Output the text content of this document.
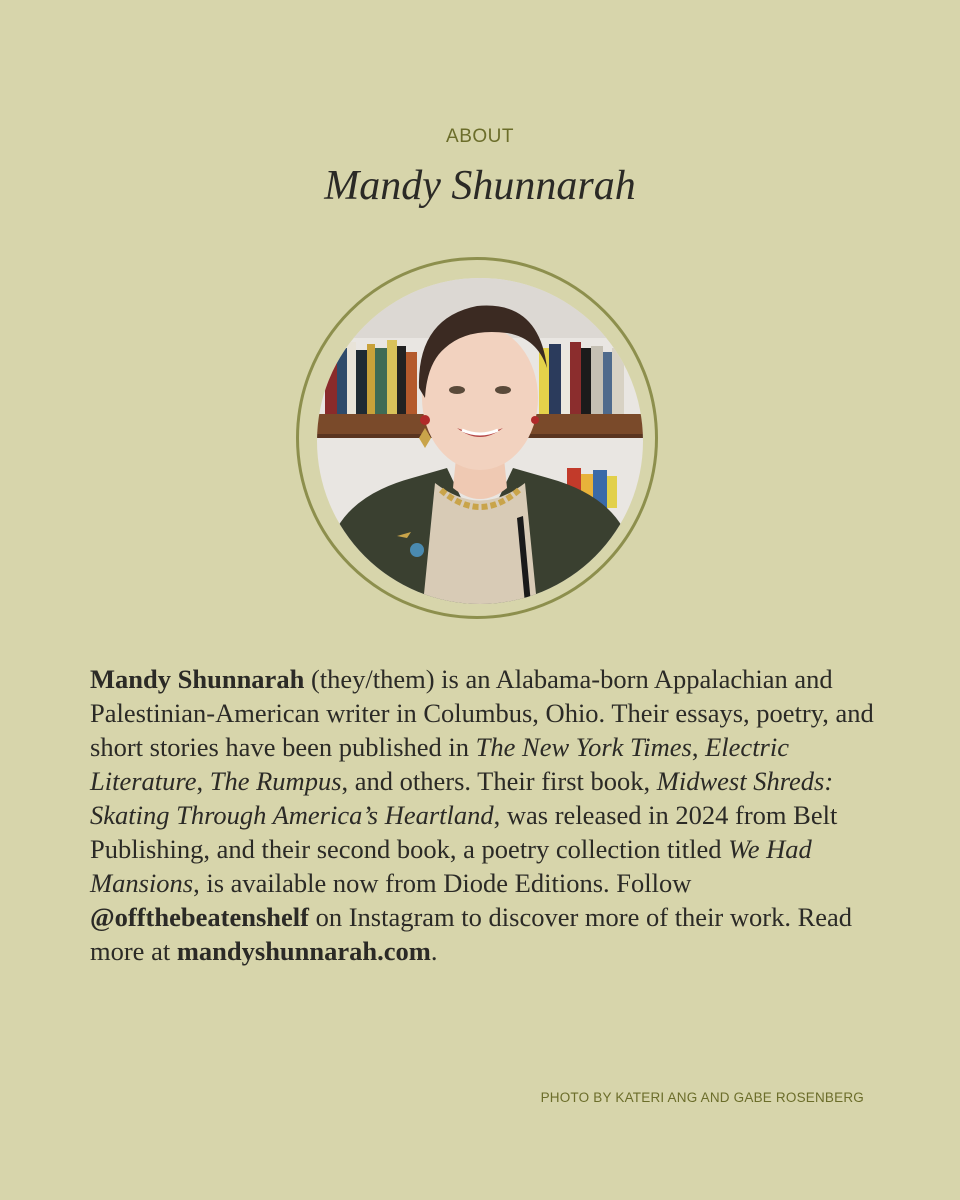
ABOUT
Mandy Shunnarah
Mandy Shunnarah (they/them) is an Alabama-born Appalachian and Palestinian-American writer in Columbus, Ohio. Their essays, poetry, and short stories have been published in The New York Times, Electric Literature, The Rumpus, and others. Their first book, Midwest Shreds: Skating Through America’s Heartland, was released in 2024 from Belt Publishing, and their second book, a poetry collection titled We Had Mansions, is available now from Diode Editions. Follow @offthebeatenshelf on Instagram to discover more of their work. Read more at mandyshunnarah.com.
PHOTO BY KATERI ANG AND GABE ROSENBERG
